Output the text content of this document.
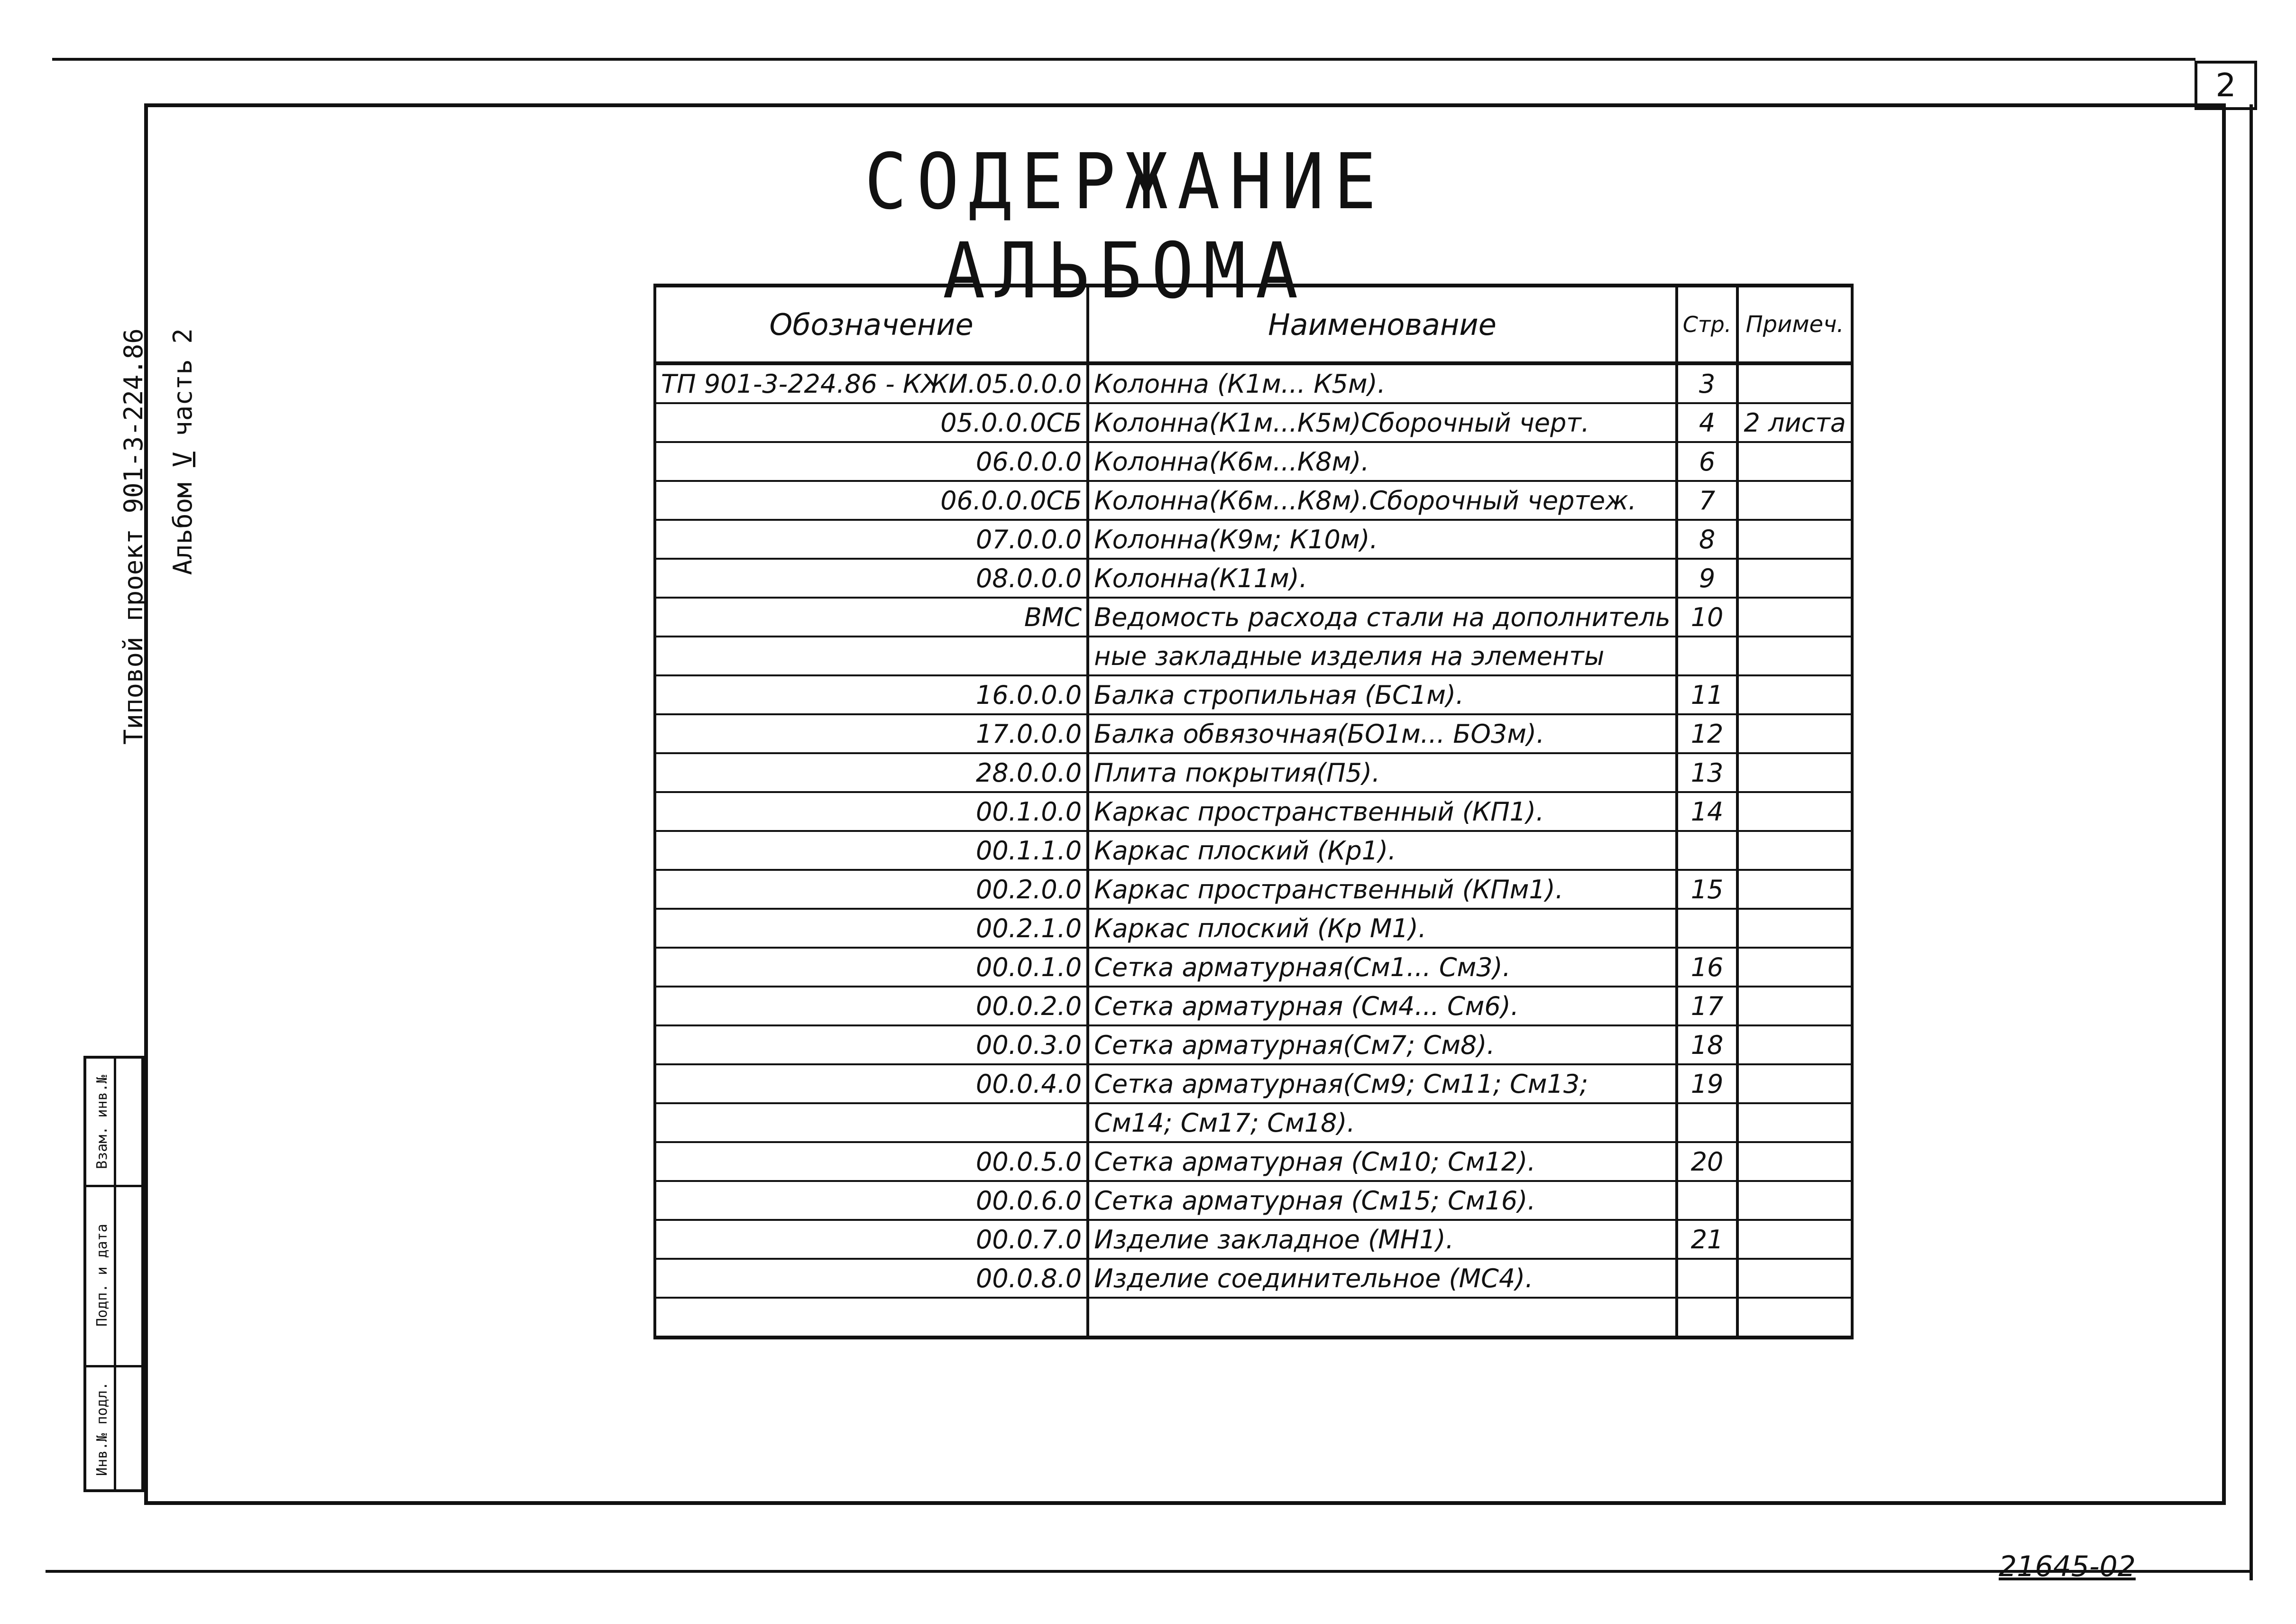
2
СОДЕРЖАНИЕ АЛЬБОМА
Типовой проект 901-3-224.86 Альбом V часть 2
Взам. инв.№
Подп. и дата
Инв.№ подл.
Обозначение	Наименование	Стр.	Примеч.
ТП 901-3-224.86 - КЖИ.05.0.0.0	Колонна (К1м... К5м).	3	
05.0.0.0СБ	Колонна(К1м...К5м)Сборочный черт.	4	2 листа
06.0.0.0	Колонна(К6м...К8м).	6	
06.0.0.0СБ	Колонна(К6м...К8м).Сборочный чертеж.	7	
07.0.0.0	Колонна(К9м; К10м).	8	
08.0.0.0	Колонна(К11м).	9	
ВМС	Ведомость расхода стали на дополнитель	10	
	ные закладные изделия на элементы		
16.0.0.0	Балка стропильная (БС1м).	11	
17.0.0.0	Балка обвязочная(БО1м... БО3м).	12	
28.0.0.0	Плита покрытия(П5).	13	
00.1.0.0	Каркас пространственный (КП1).	14	
00.1.1.0	Каркас плоский (Кр1).		
00.2.0.0	Каркас пространственный (КПм1).	15	
00.2.1.0	Каркас плоский (Кр М1).		
00.0.1.0	Сетка арматурная(См1... См3).	16	
00.0.2.0	Сетка арматурная (См4... См6).	17	
00.0.3.0	Сетка арматурная(См7; См8).	18	
00.0.4.0	Сетка арматурная(См9; См11; См13;	19	
	См14; См17; См18).		
00.0.5.0	Сетка арматурная (См10; См12).	20	
00.0.6.0	Сетка арматурная (См15; См16).		
00.0.7.0	Изделие закладное (МН1).	21	
00.0.8.0	Изделие соединительное (МС4).		

21645-02
